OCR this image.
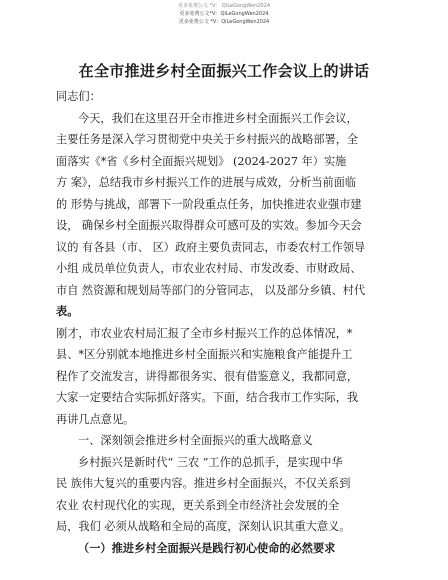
更多免费公文 *V： QiLeGongWen2024
更多免费公文*V：QiLeGongWen2024
更多免费公文 *V：QiLeGongWen2024
在全市推进乡村全面振兴工作会议上的讲话
同志们：
今天，我们在这里召开全市推进乡村全面振兴工作会议，
主要任务是深入学习贯彻党中央关于乡村振兴的战略部署，全
面落实《*省《乡村全面振兴规划》 (2024-2027 年）实施
方 案》，总结我市乡村振兴工作的进展与成效，分析当前面临
的 形势与挑战，部署下一阶段重点任务，加快推进农业强市建
设， 确保乡村全面振兴取得群众可感可及的实效。参加今天会
议的 有各县（市、 区）政府主要负责同志，市委农村工作领导
小组 成员单位负责人，市农业农村局、市发改委、市财政局、
市自 然资源和规划局等部门的分管同志， 以及部分乡镇、村代
表。
刚才，市农业农村局汇报了全市乡村振兴工作的总体情况，*
县、*区分别就本地推进乡村全面振兴和实施粮食产能提升工
程作了交流发言，讲得都很务实、很有借鉴意义，我都同意，
大家一定要结合实际抓好落实。下面，结合我市工作实际，我
再讲几点意见。
一、深刻领会推进乡村全面振兴的重大战略意义
乡村振兴是新时代“ 三农 ”工作的总抓手，是实现中华
民 族伟大复兴的重要内容。推进乡村全面振兴，不仅关系到
农业 农村现代化的实现，更关系到全市经济社会发展的全
局，我们 必须从战略和全局的高度，深刻认识其重大意义。
（一）推进乡村全面振兴是践行初心使命的必然要求
